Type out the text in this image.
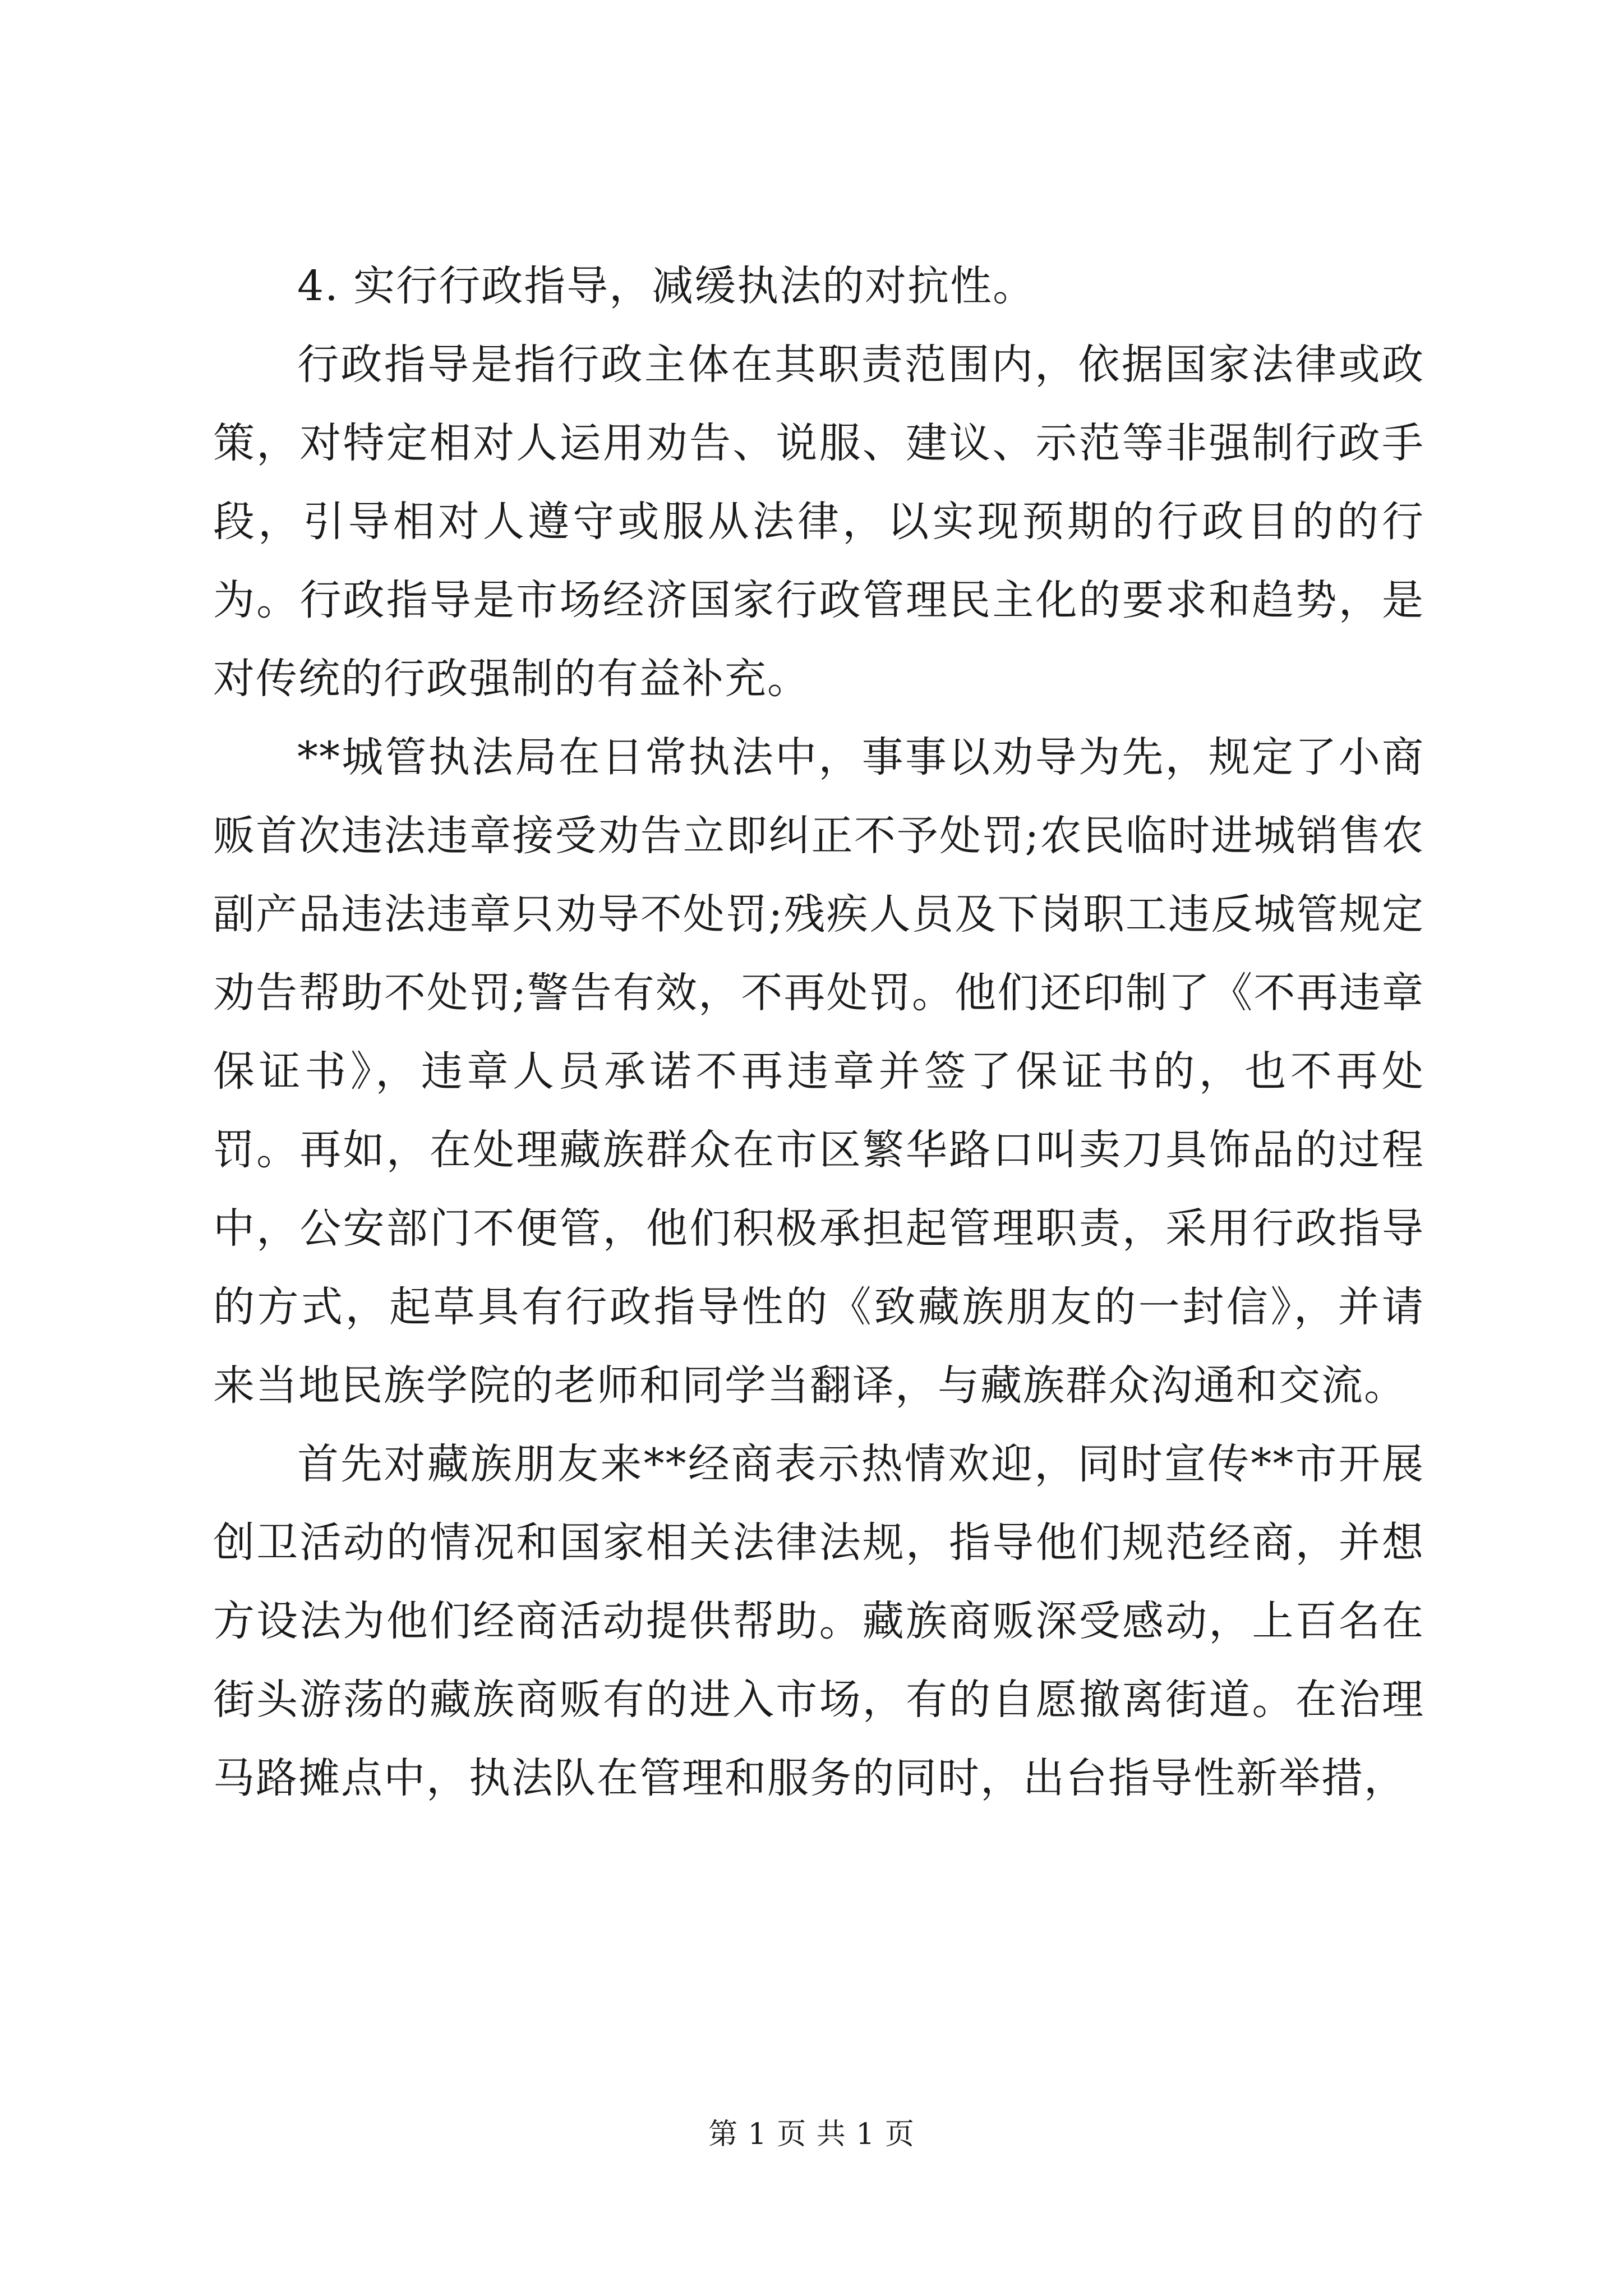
4. 实行行政指导，减缓执法的对抗性。

行政指导是指行政主体在其职责范围内，依据国家法律或政策，对特定相对人运用劝告、说服、建议、示范等非强制行政手段，引导相对人遵守或服从法律，以实现预期的行政目的的行为。行政指导是市场经济国家行政管理民主化的要求和趋势，是对传统的行政强制的有益补充。

**城管执法局在日常执法中，事事以劝导为先，规定了小商贩首次违法违章接受劝告立即纠正不予处罚;农民临时进城销售农副产品违法违章只劝导不处罚;残疾人员及下岗职工违反城管规定劝告帮助不处罚;警告有效，不再处罚。他们还印制了《不再违章保证书》，违章人员承诺不再违章并签了保证书的，也不再处罚。再如，在处理藏族群众在市区繁华路口叫卖刀具饰品的过程中，公安部门不便管，他们积极承担起管理职责，采用行政指导的方式，起草具有行政指导性的《致藏族朋友的一封信》，并请来当地民族学院的老师和同学当翻译，与藏族群众沟通和交流。

首先对藏族朋友来**经商表示热情欢迎，同时宣传**市开展创卫活动的情况和国家相关法律法规，指导他们规范经商，并想方设法为他们经商活动提供帮助。藏族商贩深受感动，上百名在街头游荡的藏族商贩有的进入市场，有的自愿撤离街道。在治理马路摊点中，执法队在管理和服务的同时，出台指导性新举措，

第 1 页 共 1 页
